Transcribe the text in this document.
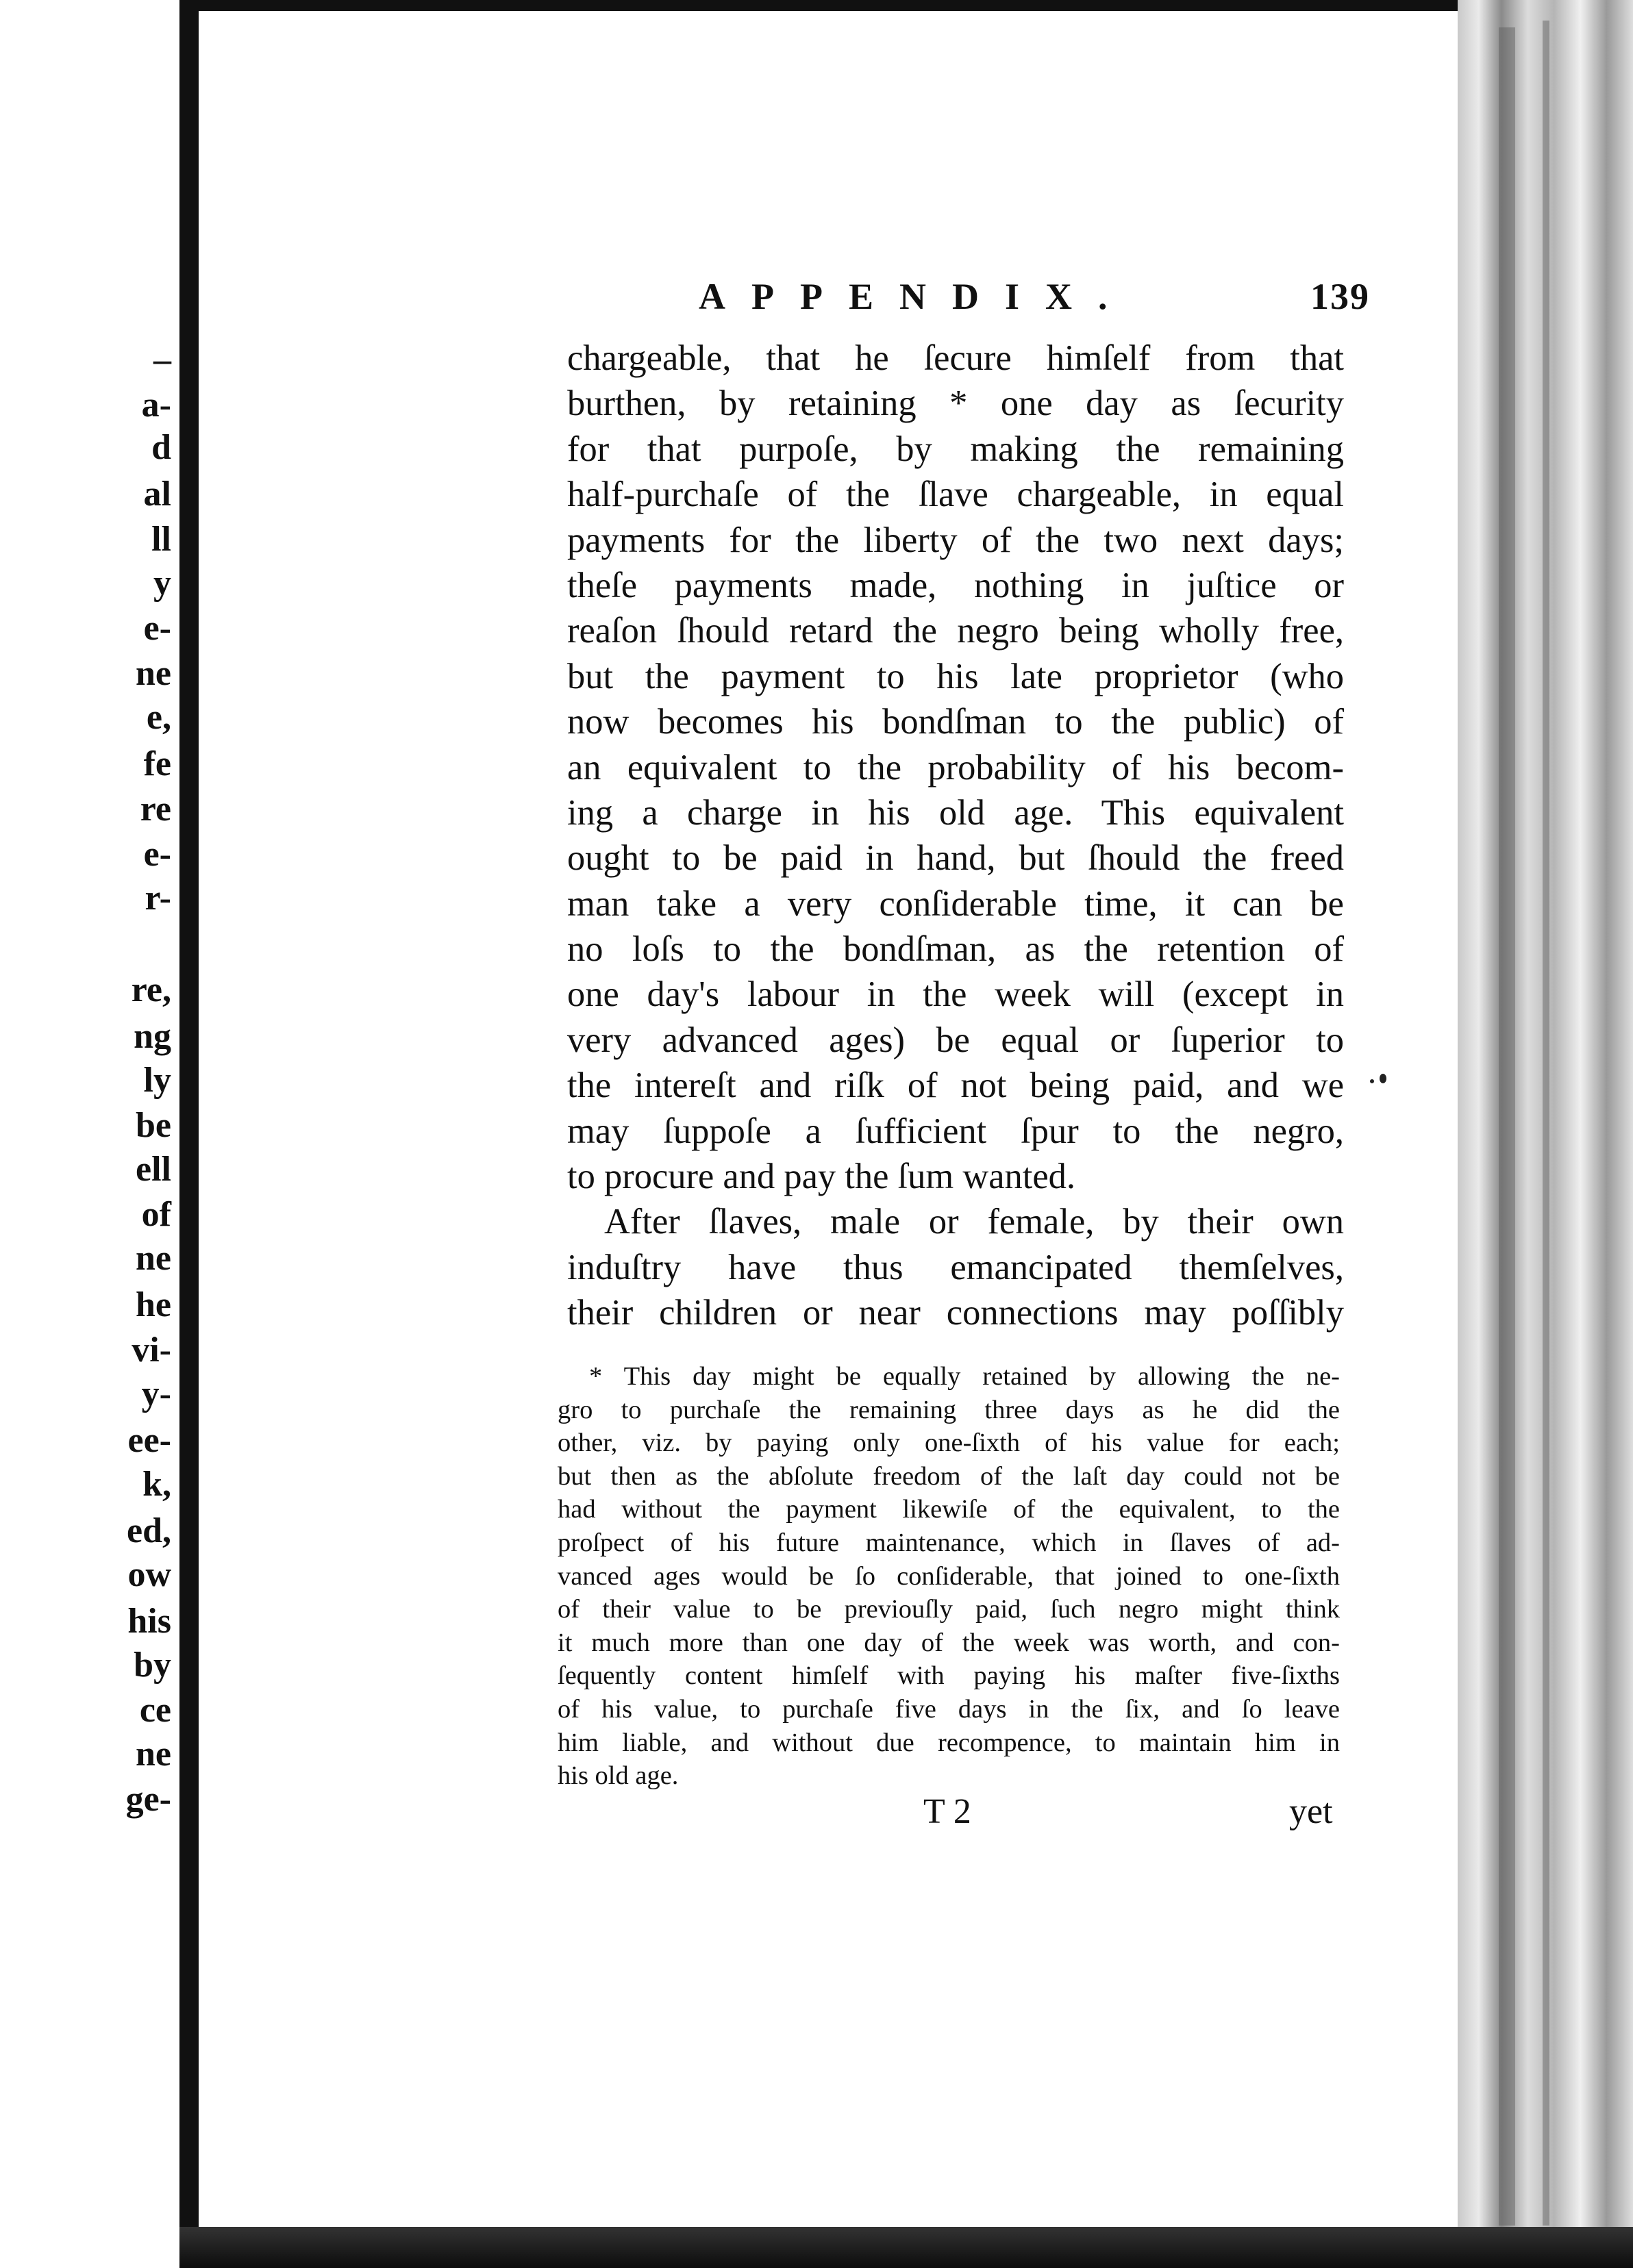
–
a-
d
al
ll
y
e-
ne
e,
fe
re
e-
r-
re,
ng
ly
be
ell
of
ne
he
vi-
y-
ee-
k,
ed,
ow
his
by
ce
ne
ge-
APPENDIX.	139
chargeable, that he ſecure himſelf from that
burthen, by retaining * one day as ſecurity
for that purpoſe, by making the remaining
half-purchaſe of the ſlave chargeable, in equal
payments for the liberty of the two next days;
theſe payments made, nothing in juſtice or
reaſon ſhould retard the negro being wholly free,
but the payment to his late proprietor (who
now becomes his bondſman to the public) of
an equivalent to the probability of his becom-
ing a charge in his old age. This equivalent
ought to be paid in hand, but ſhould the freed
man take a very conſiderable time, it can be
no loſs to the bondſman, as the retention of
one day's labour in the week will (except in
very advanced ages) be equal or ſuperior to
the intereſt and riſk of not being paid, and we
may ſuppoſe a ſufficient ſpur to the negro,
to procure and pay the ſum wanted.
After ſlaves, male or female, by their own
induſtry have thus emancipated themſelves,
their children or near connections may poſſibly
* This day might be equally retained by allowing the ne-
gro to purchaſe the remaining three days as he did the
other, viz. by paying only one-ſixth of his value for each;
but then as the abſolute freedom of the laſt day could not be
had without the payment likewiſe of the equivalent, to the
proſpect of his future maintenance, which in ſlaves of ad-
vanced ages would be ſo conſiderable, that joined to one-ſixth
of their value to be previouſly paid, ſuch negro might think
it much more than one day of the week was worth, and con-
ſequently content himſelf with paying his maſter five-ſixths
of his value, to purchaſe five days in the ſix, and ſo leave
him liable, and without due recompence, to maintain him in
his old age.
T 2	yet
